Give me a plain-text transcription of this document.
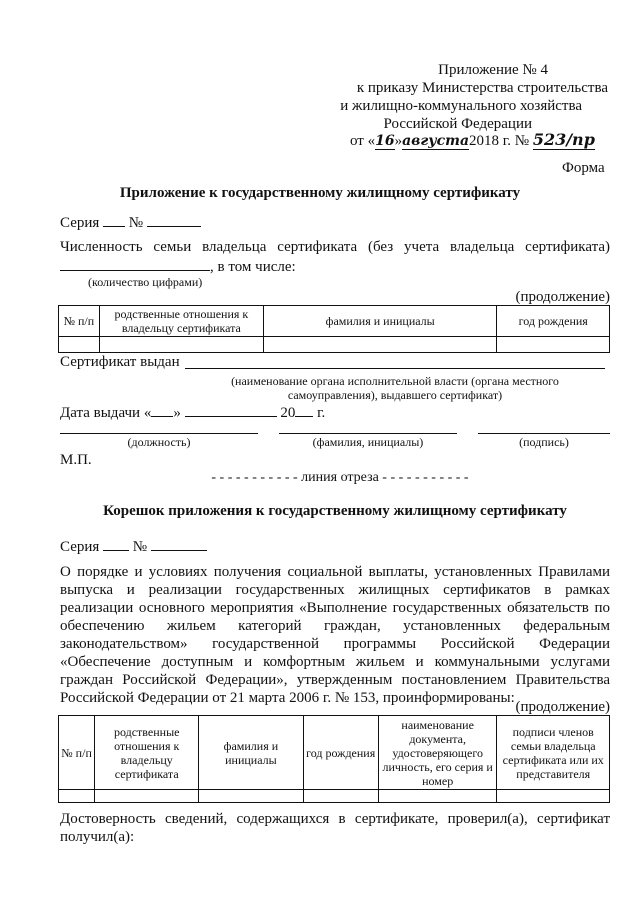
Приложение № 4
к приказу Министерства строительства
и жилищно-коммунального хозяйства
Российской Федерации
от «16»августа2018 г. № 523/пр
Форма
Приложение к государственному жилищному сертификату
Серия №
Численность семьи владельца сертификата (без учета владельца сертификата)
, в том числе:
(количество цифрами)
(продолжение)
№ п/п	родственные отношения к владельцу сертификата	фамилия и инициалы	год рождения

Сертификат выдан
(наименование органа исполнительной власти (органа местного
самоуправления), выдавшего сертификат)
Дата выдачи « »	20 г.
(должность)	(фамилия, инициалы)	(подпись)
М.П.
- - - - - - - - - - - линия отреза - - - - - - - - - - -
Корешок приложения к государственному жилищному сертификату
Серия №
О порядке и условиях получения социальной выплаты, установленных Правилами
выпуска и реализации государственных жилищных сертификатов в рамках
реализации основного мероприятия «Выполнение государственных обязательств по
обеспечению жильем категорий граждан, установленных федеральным
законодательством» государственной программы Российской Федерации
«Обеспечение доступным и комфортным жильем и коммунальными услугами
граждан Российской Федерации», утвержденным постановлением Правительства
Российской Федерации от 21 марта 2006 г. № 153, проинформированы:
(продолжение)
№ п/п	родственные отношения к владельцу сертификата	фамилия и инициалы	год рождения	наименование документа, удостоверяющего личность, его серия и номер	подписи членов семьи владельца сертификата или их представителя

Достоверность сведений, содержащихся в сертификате, проверил(а), сертификат
получил(а):
